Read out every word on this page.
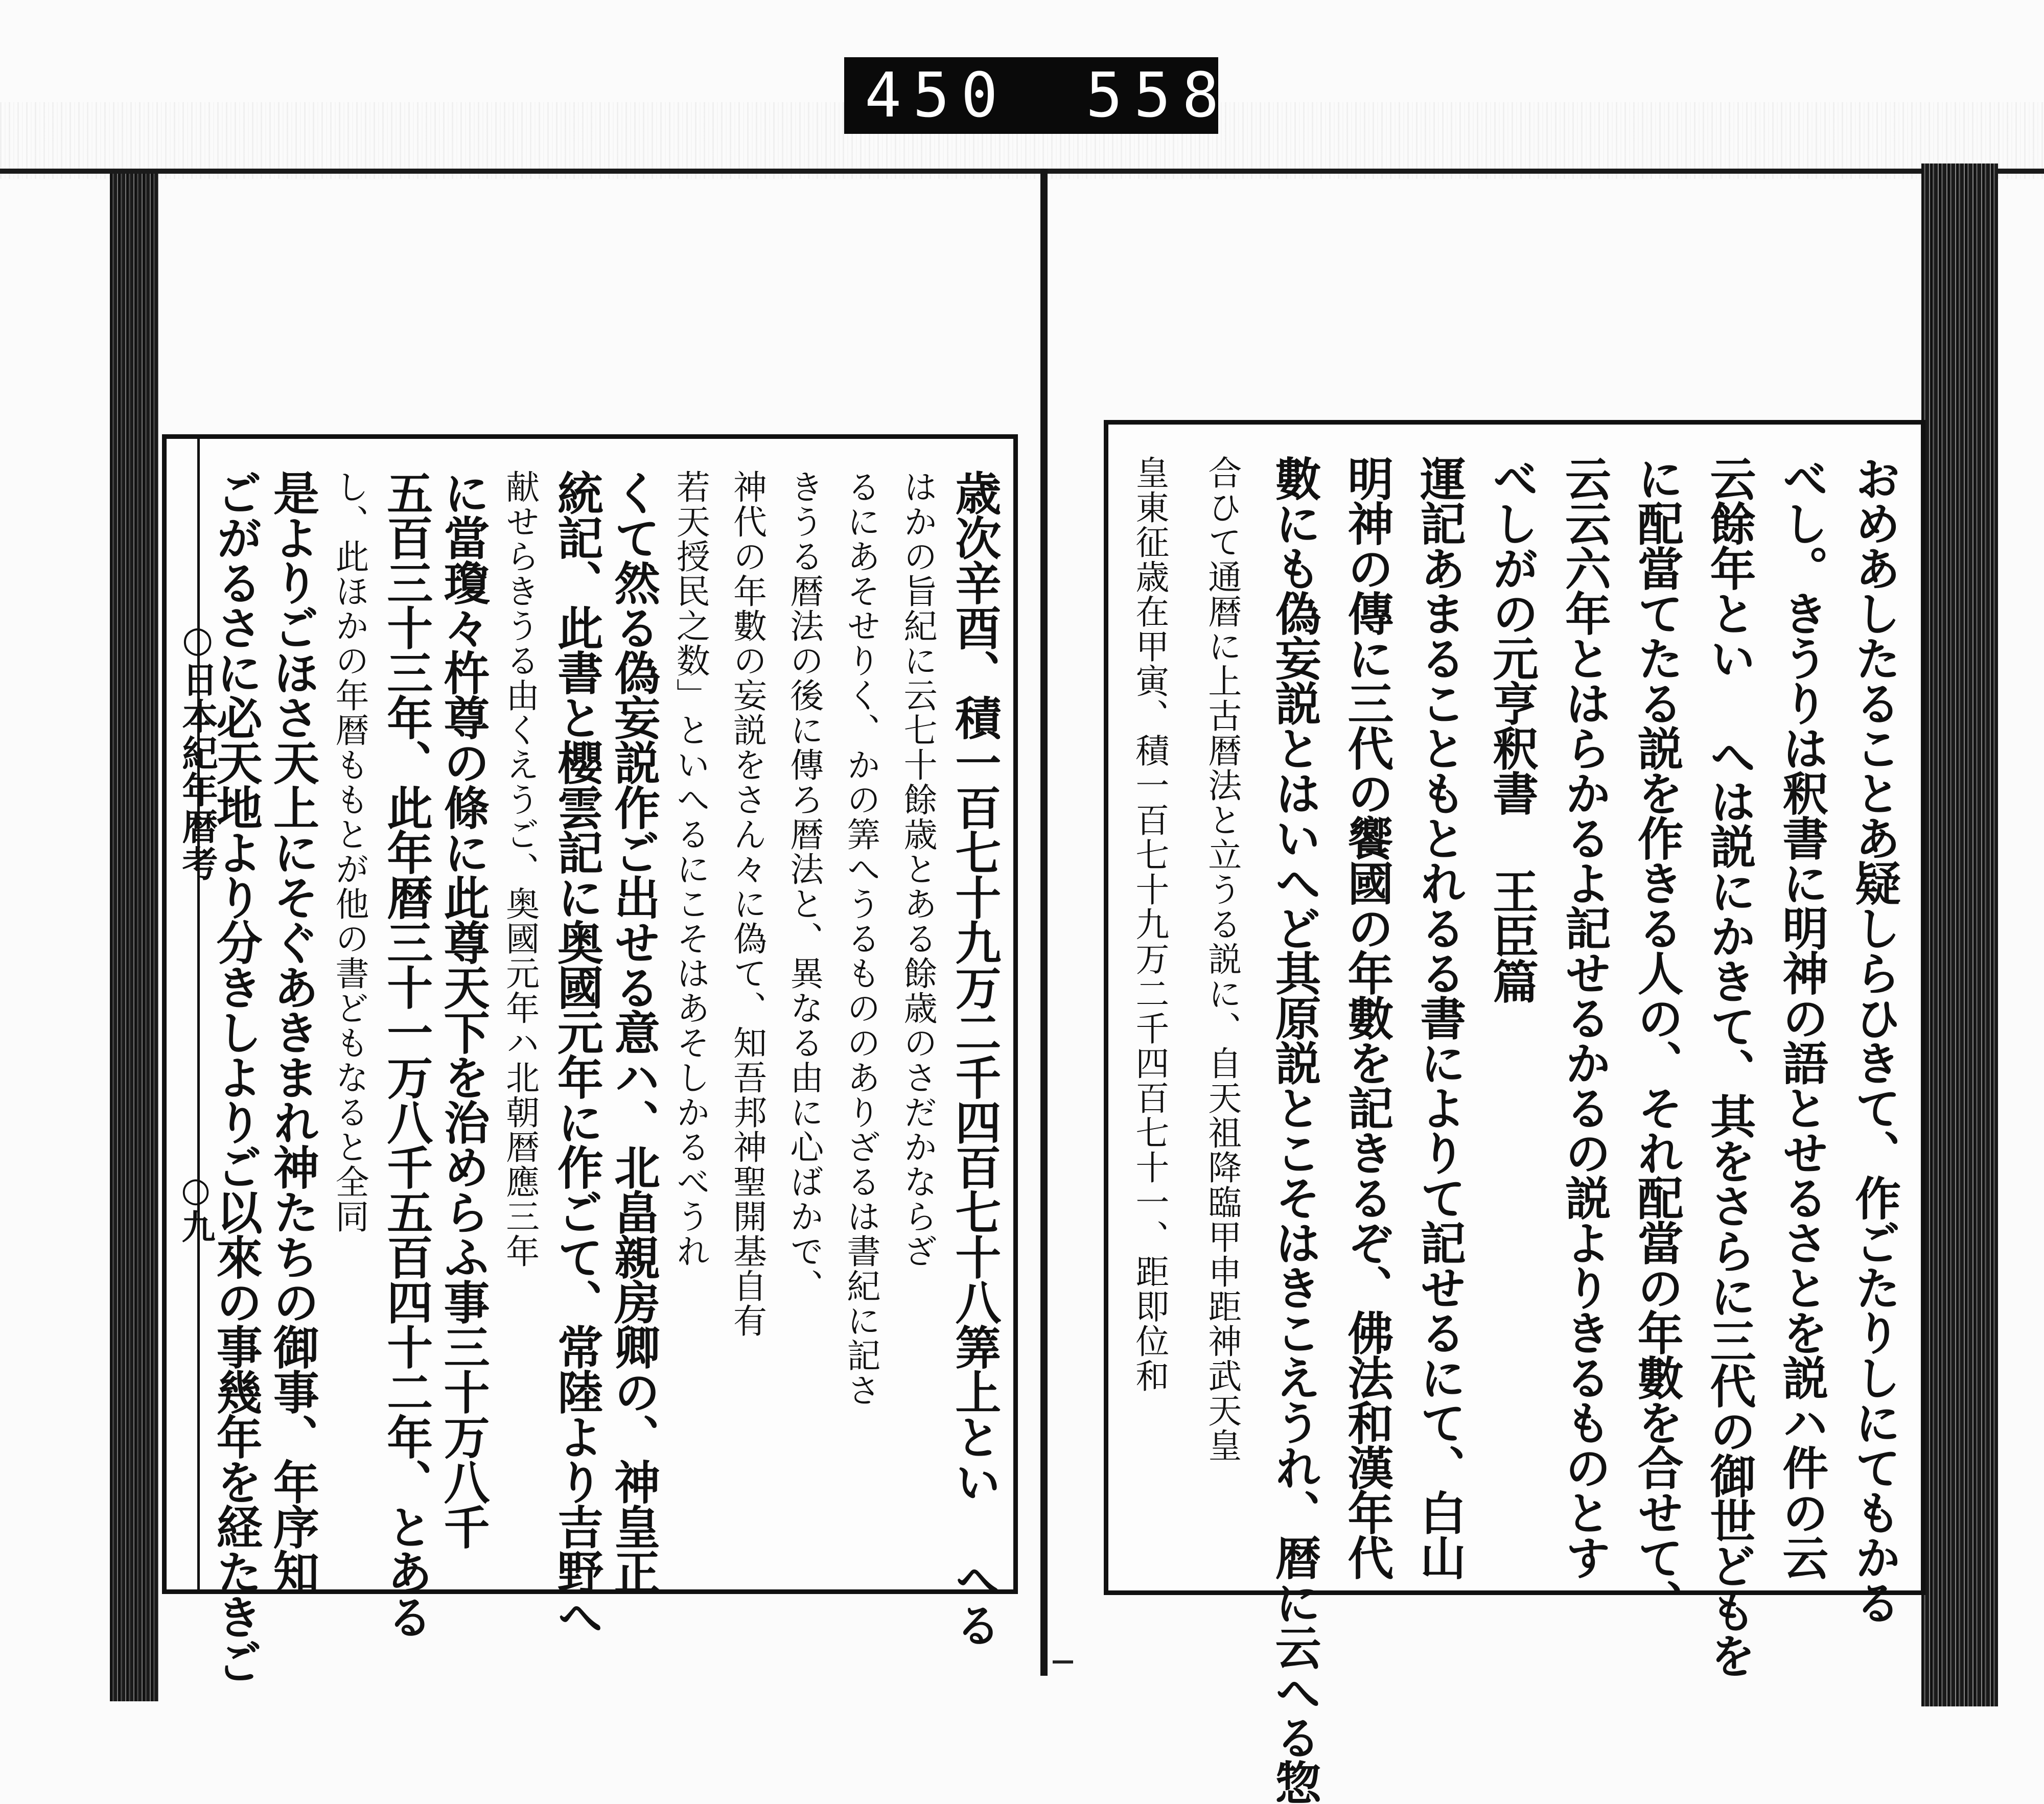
450 558
○日本紀年暦考
○九	歳次辛酉、積一百七十九万二千四百七十八筭上とい へる
はかの旨紀に云七十餘歳とある餘歳のさだかならざ
るにあそせりく、かの筭へうるもののありざるは書紀に記さ
きうる暦法の後に傳ろ暦法と、異なる由に心ばかで、
神代の年數の妄説をさん々に偽て、知吾邦神聖開基自有
若天授民之数」といへるにこそはあそしかるべうれ
くて然る偽妄説作ご出せる意ハ、北畠親房卿の、神皇正
統記、此書と櫻雲記に奥國元年に作ごて、常陸より吉野へ
献せらきうる由くえうご、奥國元年ハ北朝暦應三年
に當瓊々杵尊の條に此尊天下を治めらふ事三十万八千
五百三十三年、此年暦三十一万八千五百四十二年、とある
し、此ほかの年暦ももとが他の書どもなると全同
是よりごほさ天上にそぐあきまれ神たちの御事、年序知
ごがるさに必天地より分きしよりご以來の事幾年を経たきご	おめあしたることあ疑しらひきて、作ごたりしにてもかる
べし。きうりは釈書に明神の語とせるさとを説ハ件の云
云餘年とい へは説にかきて、其をさらに三代の御世どもを
に配當てたる説を作きる人の、それ配當の年數を合せて、
云云六年とはらかるよ記せるかるの説よりきるものとす
べしがの元亨釈書 王臣篇
運記あまることもとれるる書によりて記せるにて、白山
明神の傳に三代の饗國の年數を記きるぞ、佛法和漢年代
數にも偽妄説とはいへど其原説とこそはきこえうれ、暦に云へる惣
合ひて通暦に上古暦法と立うる説に、自天祖降臨甲申距神武天皇
皇東征歳在甲寅、積一百七十九万二千四百七十一、距即位和
